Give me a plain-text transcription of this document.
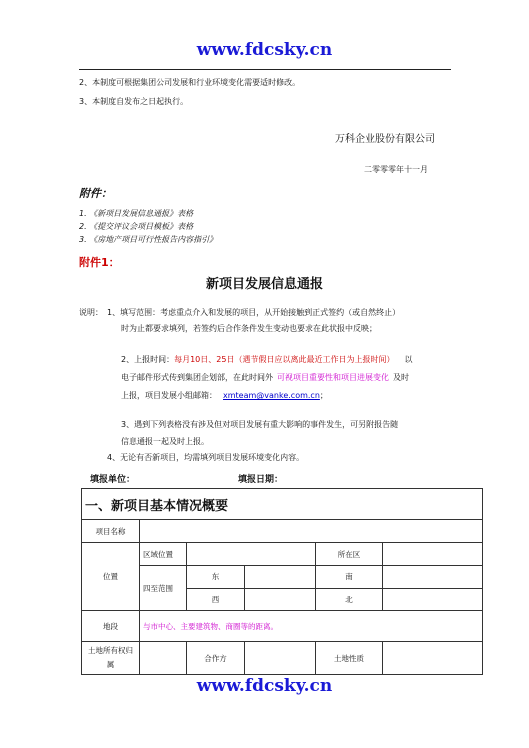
www.fdcsky.cn
2、本制度可根据集团公司发展和行业环境变化需要适时修改。
3、本制度自发布之日起执行。
万科企业股份有限公司
二零零零年十一月
附件：
1. 《新项目发展信息通报》表格
2. 《提交评议会项目模板》表格
3. 《房地产项目可行性报告内容指引》
附件1：
新项目发展信息通报
说明： 1、填写范围：考虑重点介入和发展的项目，从开始接触到正式签约（或自然终止）
时为止都要求填列，若签约后合作条件发生变动也要求在此状报中反映；
2、上报时间：每月10日、25日（遇节假日应以离此最近工作日为上报时间） 以
电子邮件形式传到集团企划部，在此时间外 可视项目重要性和项目进展变化 及时
上报，项目发展小组邮箱： xmteam@vanke.com.cn；
3、遇到下列表格没有涉及但对项目发展有重大影响的事件发生，可另附报告随
信息通报一起及时上报。
4、无论有否新项目，均需填列项目发展环境变化内容。
填报单位：	填报日期：
一、新项目基本情况概要					
项目名称					
位置	区域位置			所在区	
	四至范围	东		南	
		西		北	
地段	与市中心、主要建筑物、商圈等的距离。				
土地所有权归属		合作方		土地性质	
www.fdcsky.cn
